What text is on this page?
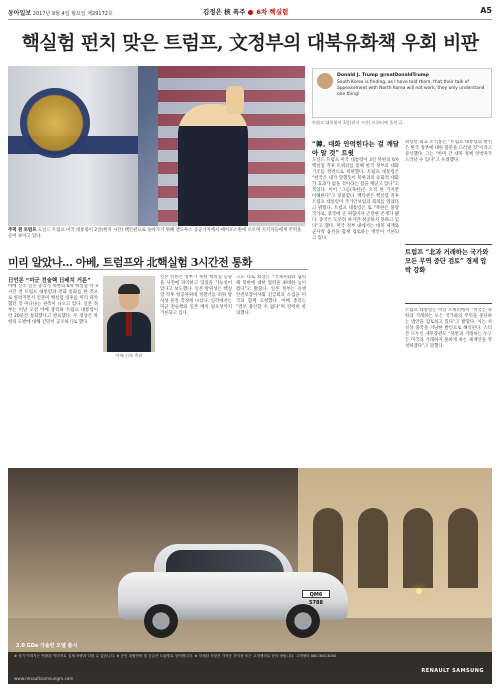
동아일보 2017년 9월 4일 월요일 제29172호	김정은 核 폭주 6차 핵실험	A5
핵실험 펀치 맞은 트럼프, 文정부의 대북유화책 우회 비판
주먹 쥔 트럼프 도널드 트럼프 미국 대통령이 2일(현지 시간) 백악관으로 돌아가기 위해 앤드루스 공군기지에서 에어포스원에 오르며 지지자들에게 주먹을 들어 보이고 있다.
Donald J. Trump @realDonaldTrump
South Korea is finding, as I have told them, that their talk of appeasement with North Korea will not work, they only understand one thing!
트럼프 대통령이 3일(현지 시간) 트위터에 올린 글.
“韓, 대화 안먹힌다는 걸 깨달아 알 것” 트윗
도널드 트럼프 미국 대통령이 3일 북한의 6차 핵실험 직후 트위터를 통해 한국 정부의 대화 기조를 정면으로 비판했다. 트럼프 대통령은 “한국은 내가 말했듯이 북한과의 유화적 대화가 효과가 없을 것이라는 점을 깨닫고 있다”고 적었다. 이어 “그들(북한)은 오직 한 가지만 이해한다”고 덧붙였다. 백악관은 핵실험 직후 트럼프 대통령이 국가안보팀과 회의를 열었다고 밝혔다. 트럼프 대통령은 또 “북한은 불량국가로, 중국에 큰 위협이자 곤란한 존재가 됐다. 중국은 도우려 하지만 성공하지 못하고 있다”고 했다. 미국 정부 내에서는 대북 제재와 군사적 옵션을 함께 검토하는 방안이 거론되고 있다.
워싱턴 외교 소식통은 “트럼프 대통령의 발언은 한국 정부에 대한 불만을 드러낸 것”이라고 분석했다. 그는 “한미 간 대북 정책 엇박자가 드러날 수 있다”고 우려했다.
트럼프 “北과 거래하는 국가와 모든 무역 중단 검토” 경제 압박 강화
트럼프 대통령은 이날 트위터에서 “미국은 북한과 거래하는 모든 국가와의 무역을 중단하는 방안을 검토하고 있다”고 밝혔다. 이는 사실상 중국을 겨냥한 발언으로 해석된다. 스티븐 므누신 재무장관도 “북한과 거래하는 누구든 미국과 거래하지 못하게 하는 제재안을 작성하겠다”고 말했다.
미리 알았나… 아베, 트럼프와 北핵실험 3시간전 통화
日언론 “미군 전술핵 日배치 거론”
아베 신조 일본 총리가 북한의 6차 핵실험 약 3시간 전 트럼프 대통령과 전화 통화를 한 것으로 알려지면서 일본이 핵실험 징후를 미리 파악했던 것 아니냐는 관측이 나오고 있다. 일본 정부는 이날 오전 아베 총리와 트럼프 대통령이 약 20분간 통화했다고 발표했다. 두 정상은 북한의 도발에 대해 긴밀히 공조하기로 했다.
아베 신조 총리
일본 언론은 정부가 북한 핵실험 동향을 사전에 파악하고 있었을 가능성이 있다고 보도했다. 일본 방위성은 핵실험 직후 항공자위대 정찰기를 띄워 방사성 물질 측정에 나섰다. 일각에서는 미군 전술핵의 일본 배치 필요성까지 거론되고 있다.
고노 다로 외상은 “국제사회와 협력해 북한에 대한 압력을 최대한 높이겠다”고 밝혔다. 일본 정부는 유엔 안전보장이사회 긴급회의 소집을 미국과 함께 요청했다. 아베 총리는 “결코 용인할 수 없다”며 강력히 항의했다.
QM6 5788
2.0 GDe 가솔린 모델 출시
※ 상기 이미지는 연출된 이미지로 실제 차량과 다를 수 있습니다. ※ 공인 복합연비 및 등급은 트림별로 상이합니다. ※ 자세한 사항은 가까운 전시장 또는 고객센터로 문의 바랍니다. 고객센터 080-300-3000
www.renaultsamsungm.com
RENAULT SAMSUNG
